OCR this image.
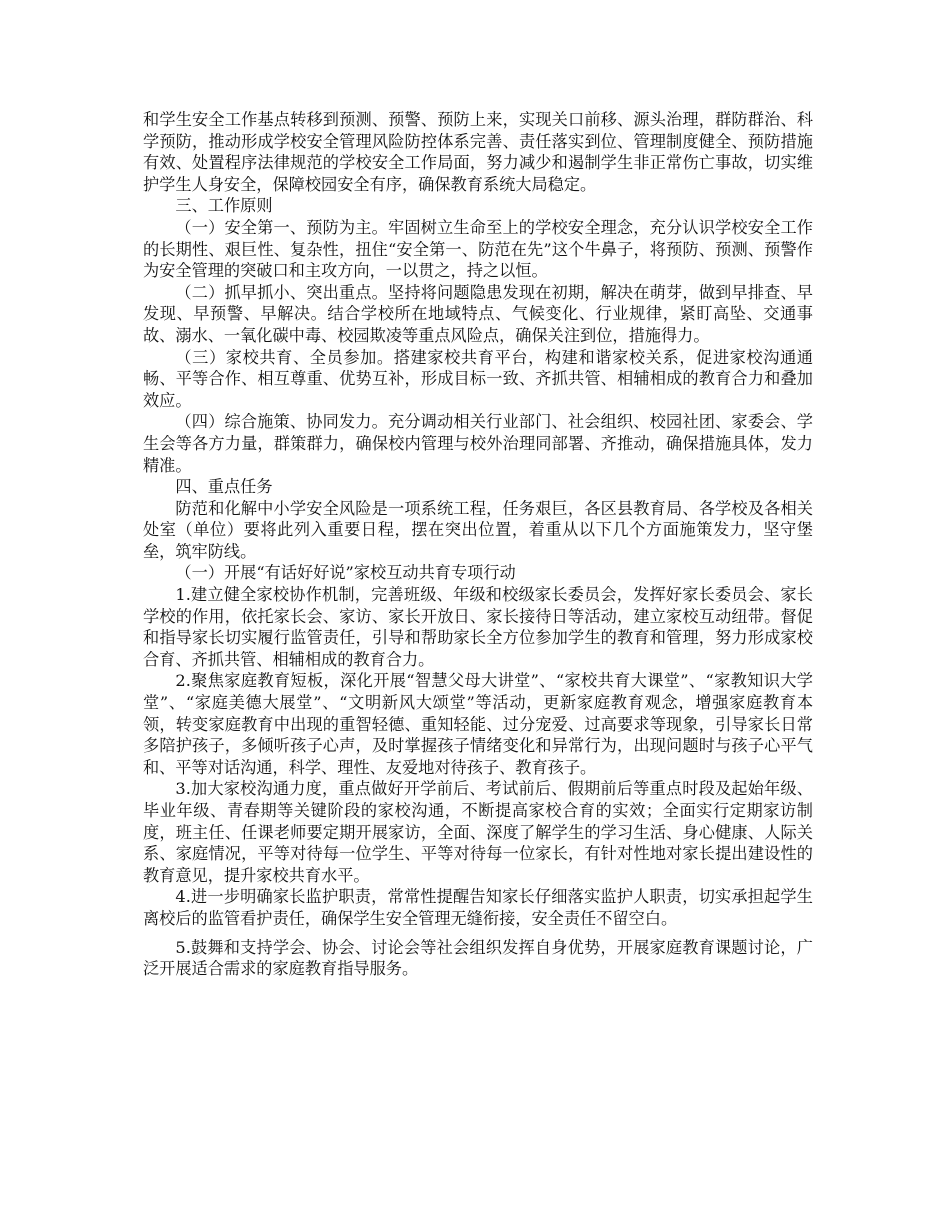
和学生安全工作基点转移到预测、预警、预防上来，实现关口前移、源头治理，群防群治、科学预防，推动形成学校安全管理风险防控体系完善、责任落实到位、管理制度健全、预防措施有效、处置程序法律规范的学校安全工作局面，努力减少和遏制学生非正常伤亡事故，切实维护学生人身安全，保障校园安全有序，确保教育系统大局稳定。

三、工作原则

（一）安全第一、预防为主。牢固树立生命至上的学校安全理念，充分认识学校安全工作的长期性、艰巨性、复杂性，扭住“安全第一、防范在先”这个牛鼻子，将预防、预测、预警作为安全管理的突破口和主攻方向，一以贯之，持之以恒。

（二）抓早抓小、突出重点。坚持将问题隐患发现在初期，解决在萌芽，做到早排查、早发现、早预警、早解决。结合学校所在地域特点、气候变化、行业规律，紧盯高坠、交通事故、溺水、一氧化碳中毒、校园欺凌等重点风险点，确保关注到位，措施得力。

（三）家校共育、全员参加。搭建家校共育平台，构建和谐家校关系，促进家校沟通通畅、平等合作、相互尊重、优势互补，形成目标一致、齐抓共管、相辅相成的教育合力和叠加效应。

（四）综合施策、协同发力。充分调动相关行业部门、社会组织、校园社团、家委会、学生会等各方力量，群策群力，确保校内管理与校外治理同部署、齐推动，确保措施具体，发力精准。

四、重点任务

防范和化解中小学安全风险是一项系统工程，任务艰巨，各区县教育局、各学校及各相关处室（单位）要将此列入重要日程，摆在突出位置，着重从以下几个方面施策发力，坚守堡垒，筑牢防线。

（一）开展“有话好好说”家校互动共育专项行动

1.建立健全家校协作机制，完善班级、年级和校级家长委员会，发挥好家长委员会、家长学校的作用，依托家长会、家访、家长开放日、家长接待日等活动，建立家校互动纽带。督促和指导家长切实履行监管责任，引导和帮助家长全方位参加学生的教育和管理，努力形成家校合育、齐抓共管、相辅相成的教育合力。

2.聚焦家庭教育短板，深化开展“智慧父母大讲堂”、“家校共育大课堂”、“家教知识大学堂”、“家庭美德大展堂”、“文明新风大颂堂”等活动，更新家庭教育观念，增强家庭教育本领，转变家庭教育中出现的重智轻德、重知轻能、过分宠爱、过高要求等现象，引导家长日常多陪护孩子，多倾听孩子心声，及时掌握孩子情绪变化和异常行为，出现问题时与孩子心平气和、平等对话沟通，科学、理性、友爱地对待孩子、教育孩子。

3.加大家校沟通力度，重点做好开学前后、考试前后、假期前后等重点时段及起始年级、毕业年级、青春期等关键阶段的家校沟通，不断提高家校合育的实效；全面实行定期家访制度，班主任、任课老师要定期开展家访，全面、深度了解学生的学习生活、身心健康、人际关系、家庭情况，平等对待每一位学生、平等对待每一位家长，有针对性地对家长提出建设性的教育意见，提升家校共育水平。

4.进一步明确家长监护职责，常常性提醒告知家长仔细落实监护人职责，切实承担起学生离校后的监管看护责任，确保学生安全管理无缝衔接，安全责任不留空白。

5.鼓舞和支持学会、协会、讨论会等社会组织发挥自身优势，开展家庭教育课题讨论，广泛开展适合需求的家庭教育指导服务。
